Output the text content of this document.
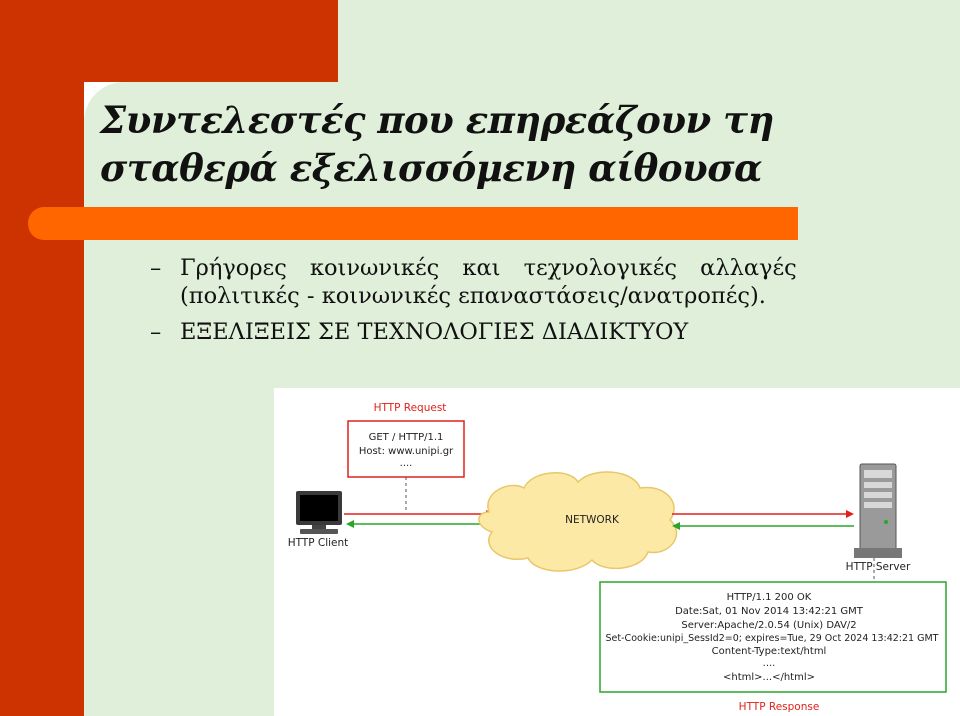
Συντελεστές που επηρεάζουν τη
σταθερά εξελισσόμενη αίθουσα
– Γρήγορες κοινωνικές και τεχνολογικές αλλαγές
(πολιτικές - κοινωνικές επαναστάσεις/ανατροπές).
– ΕΞΕΛΙΞΕΙΣ ΣΕ ΤΕΧΝΟΛΟΓΙΕΣ ΔΙΑΔΙΚΤΥΟΥ
HTTP Request
GET / HTTP/1.1
Host: www.unipi.gr
....
HTTP Client
NETWORK
HTTP Server
HTTP/1.1 200 OK
Date:Sat, 01 Nov 2014 13:42:21 GMT
Server:Apache/2.0.54 (Unix) DAV/2
Set-Cookie:unipi_SessId2=0; expires=Tue, 29 Oct 2024 13:42:21 GMT
Content-Type:text/html
....
<html>...</html>
HTTP Response
